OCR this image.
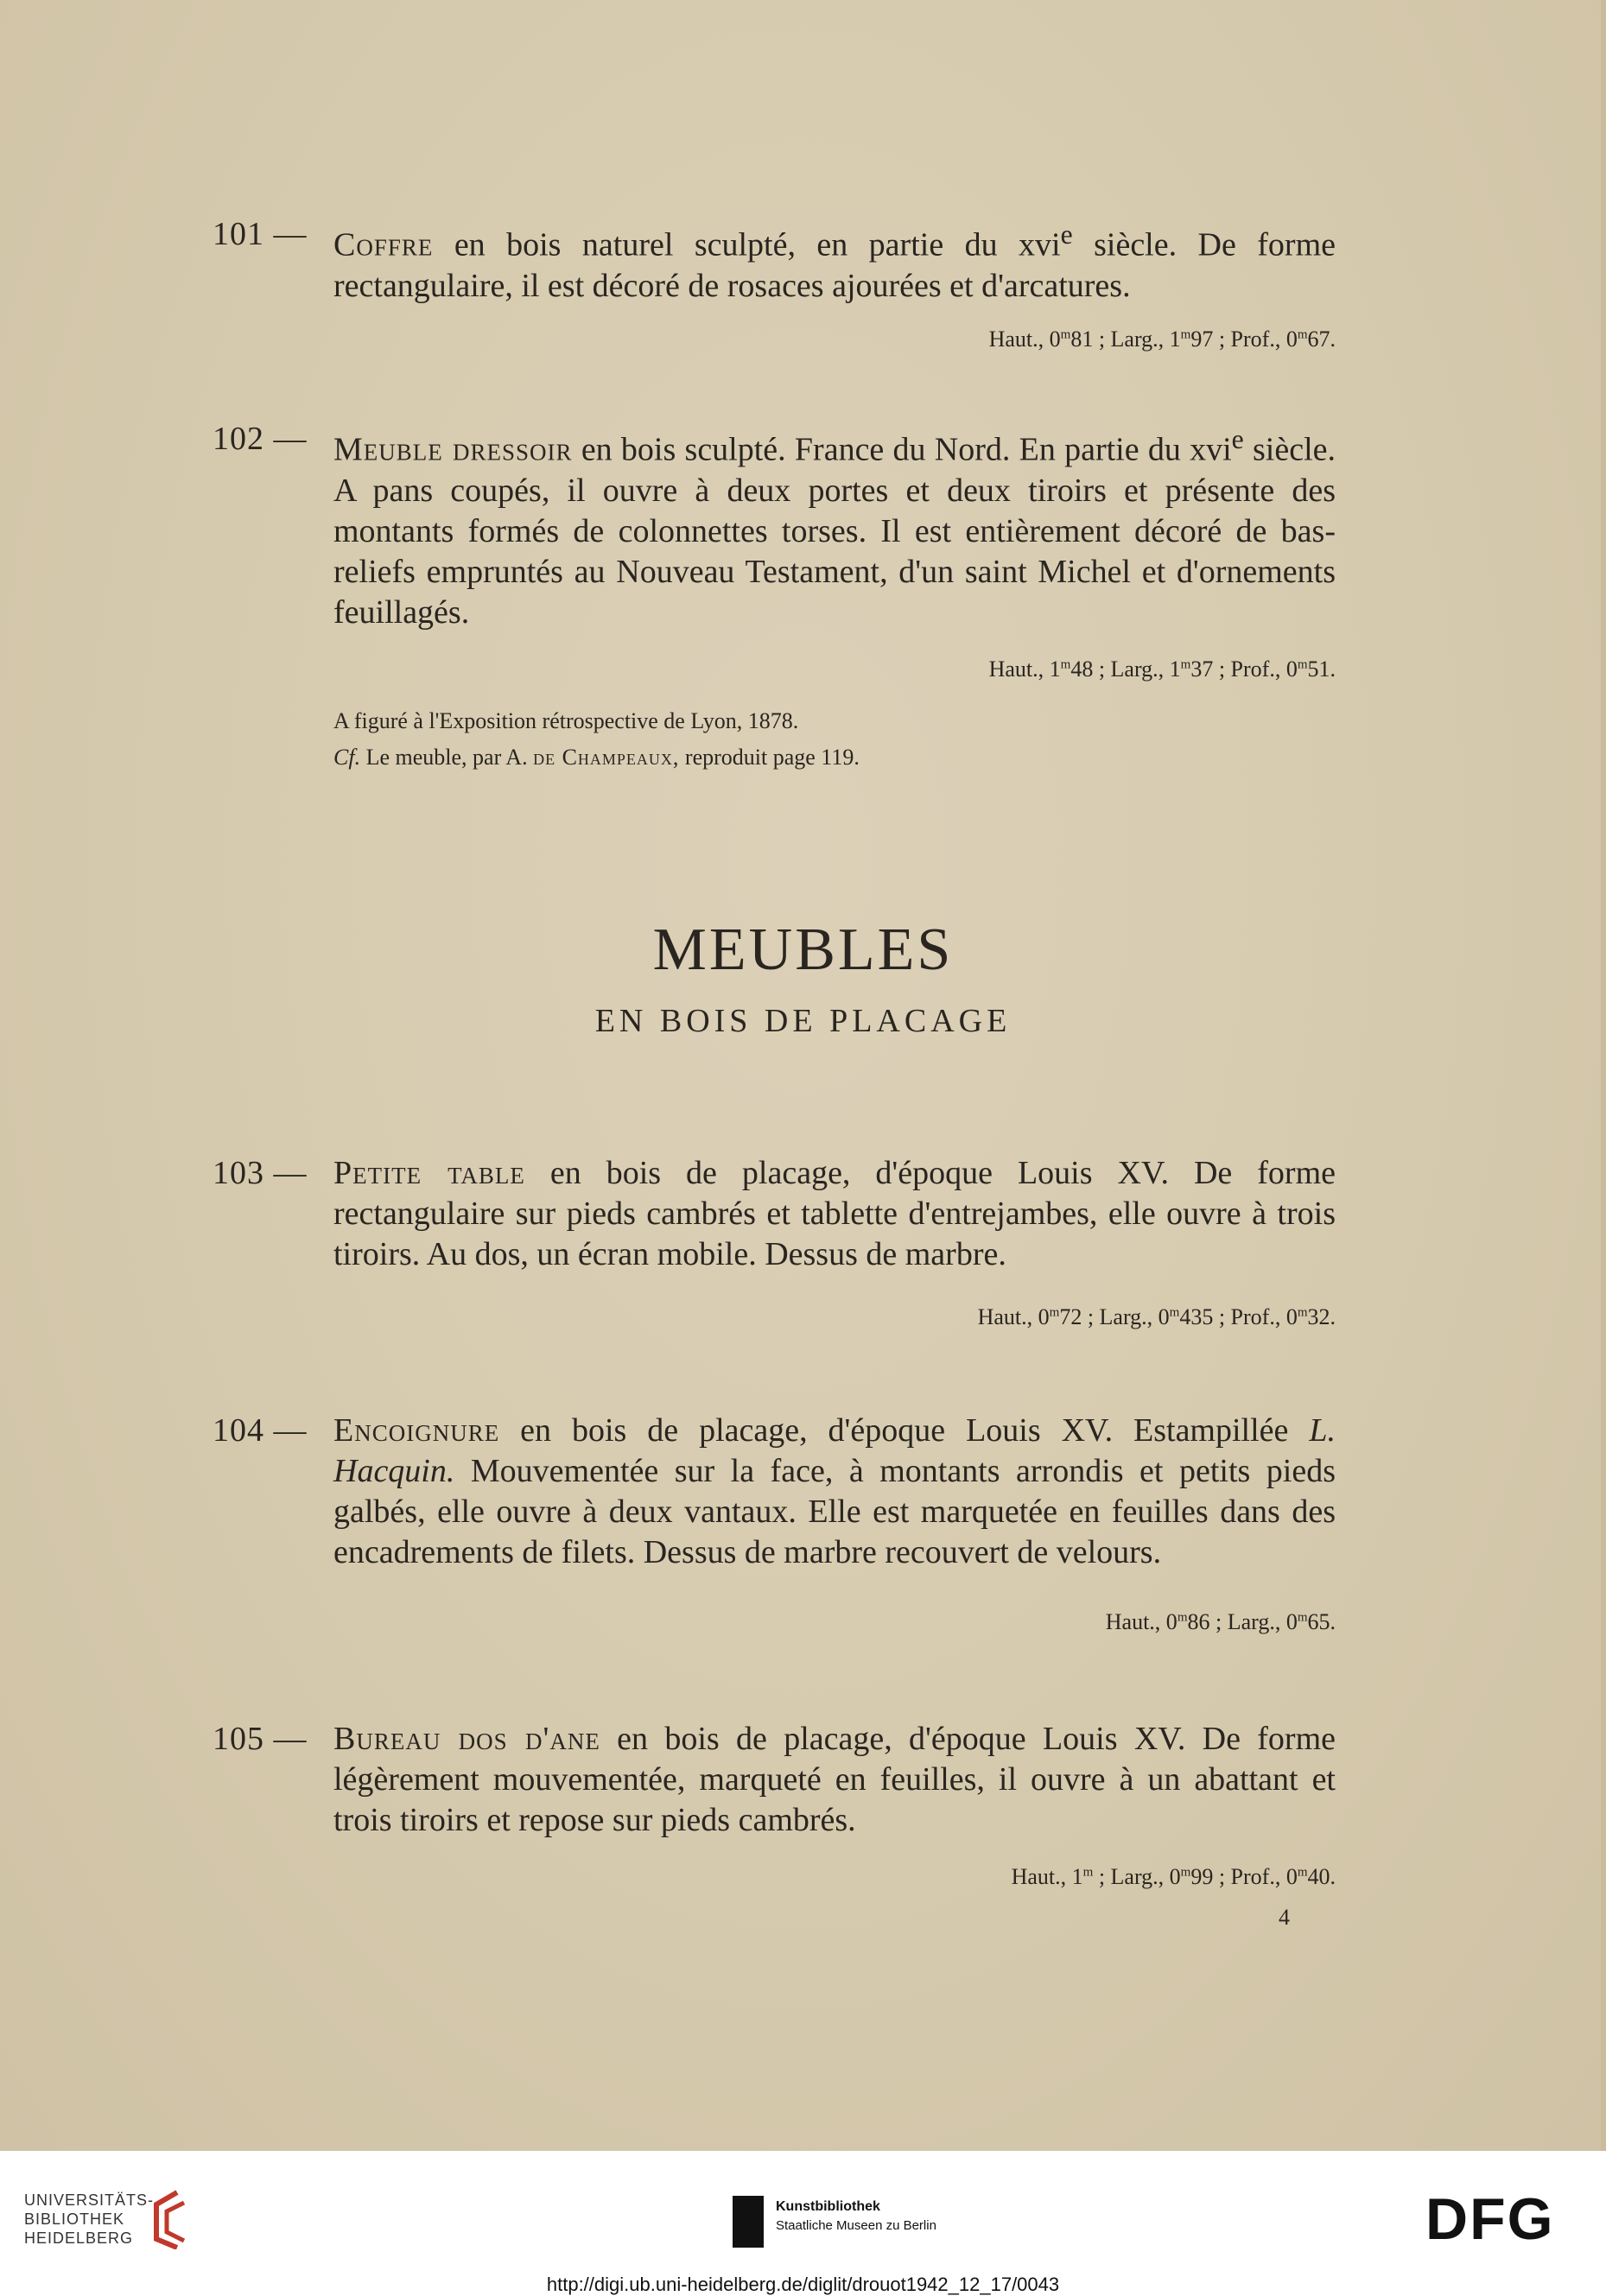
101 — Coffre en bois naturel sculpté, en partie du xvi$^e$ siècle. De forme rectangulaire, il est décoré de rosaces ajourées et d'arcatures.

Haut., 0$^m$81 ; Larg., 1$^m$97 ; Prof., 0$^m$67.
102 — Meuble dressoir en bois sculpté. France du Nord. En partie du xvi$^e$ siècle. A pans coupés, il ouvre à deux portes et deux tiroirs et présente des montants formés de colonnettes torses. Il est entièrement décoré de bas-reliefs empruntés au Nouveau Testament, d'un saint Michel et d'ornements feuillagés.

Haut., 1$^m$48 ; Larg., 1$^m$37 ; Prof., 0$^m$51.
A figuré à l'Exposition rétrospective de Lyon, 1878.
Cf. Le meuble, par A. de Champeaux, reproduit page 119.
MEUBLES
EN BOIS DE PLACAGE
103 — Petite table en bois de placage, d'époque Louis XV. De forme rectangulaire sur pieds cambrés et tablette d'entrejambes, elle ouvre à trois tiroirs. Au dos, un écran mobile. Dessus de marbre.

Haut., 0$^m$72 ; Larg., 0$^m$435 ; Prof., 0$^m$32.
104 — Encoignure en bois de placage, d'époque Louis XV. Estampillée L. Hacquin. Mouvementée sur la face, à montants arrondis et petits pieds galbés, elle ouvre à deux vantaux. Elle est marquetée en feuilles dans des encadrements de filets. Dessus de marbre recouvert de velours.

Haut., 0$^m$86 ; Larg., 0$^m$65.
105 — Bureau dos d'ane en bois de placage, d'époque Louis XV. De forme légèrement mouvementée, marqueté en feuilles, il ouvre à un abattant et trois tiroirs et repose sur pieds cambrés.

Haut., 1$^m$ ; Larg., 0$^m$99 ; Prof., 0$^m$40.
4
UNIVERSITÄTS-
BIBLIOTHEK
HEIDELBERG
Kunstbibliothek
Staatliche Museen zu Berlin	DFG
http://digi.ub.uni-heidelberg.de/diglit/drouot1942_12_17/0043
